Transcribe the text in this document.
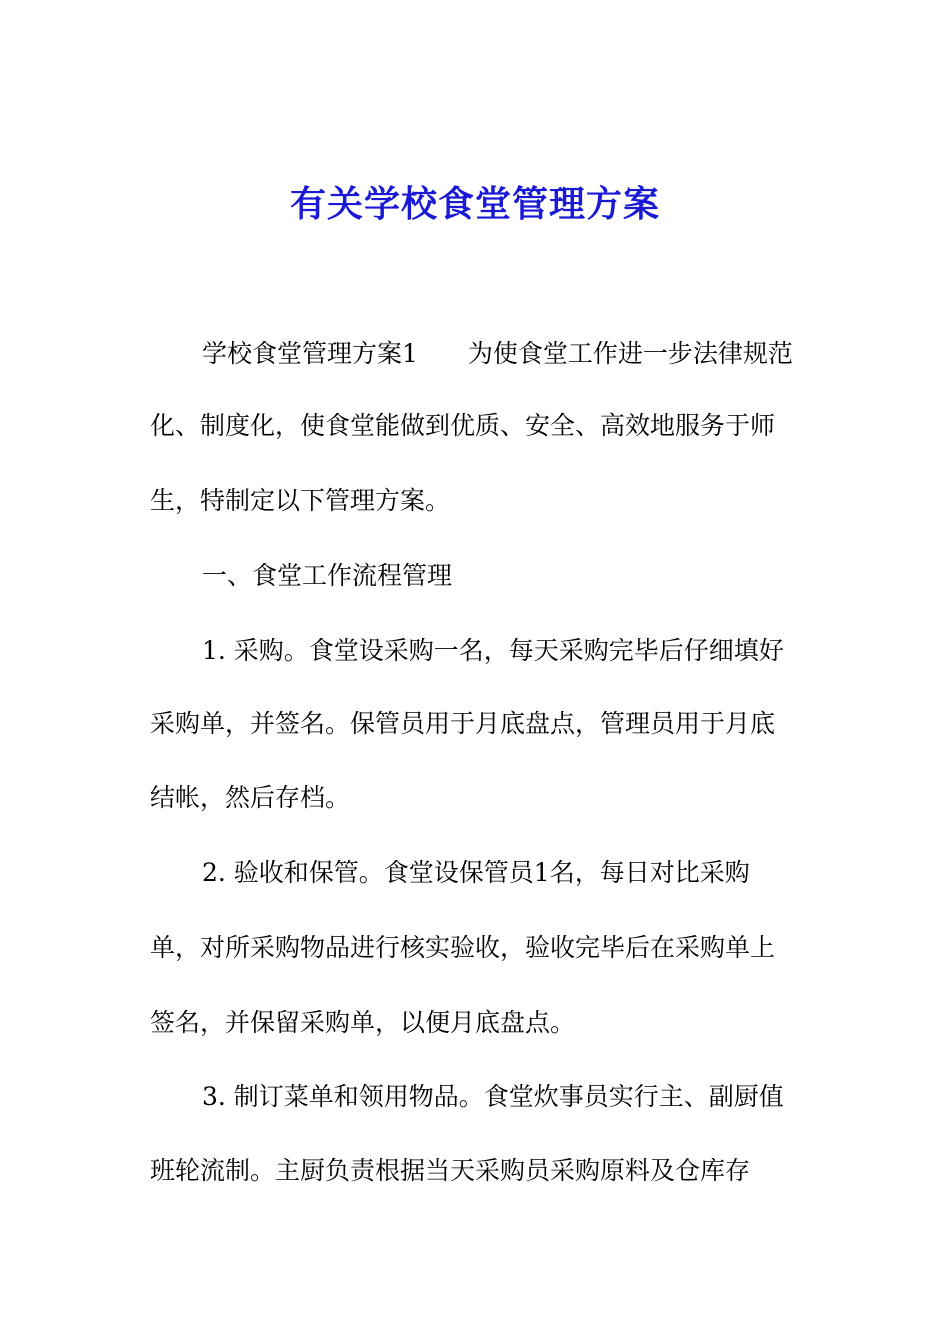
有关学校食堂管理方案
学校食堂管理方案1　　为使食堂工作进一步法律规范
化、制度化，使食堂能做到优质、安全、高效地服务于师
生，特制定以下管理方案。
一、食堂工作流程管理
1. 采购。食堂设采购一名，每天采购完毕后仔细填好
采购单，并签名。保管员用于月底盘点，管理员用于月底
结帐，然后存档。
2. 验收和保管。食堂设保管员1名，每日对比采购
单，对所采购物品进行核实验收，验收完毕后在采购单上
签名，并保留采购单，以便月底盘点。
3. 制订菜单和领用物品。食堂炊事员实行主、副厨值
班轮流制。主厨负责根据当天采购员采购原料及仓库存
